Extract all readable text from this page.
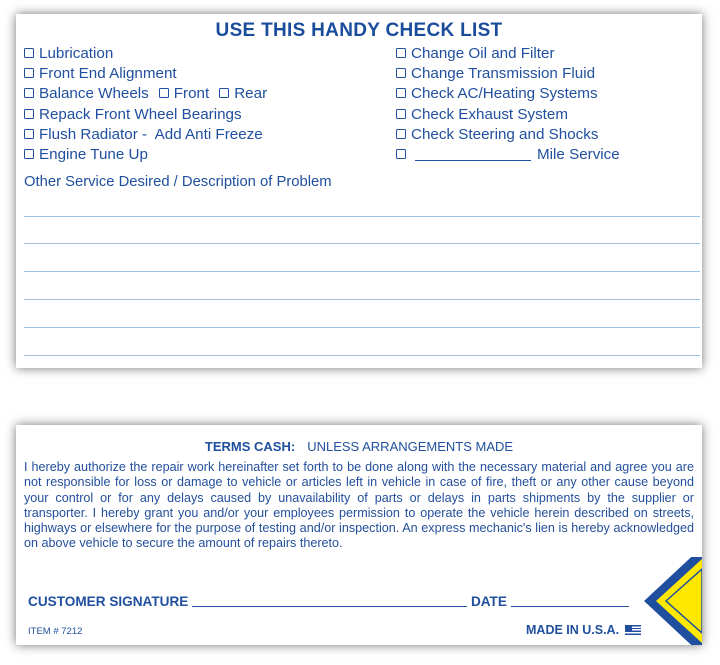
USE THIS HANDY CHECK LIST
Lubrication
Front End Alignment
Balance Wheels Front Rear
Repack Front Wheel Bearings
Flush Radiator -  Add Anti Freeze
Engine Tune Up
Change Oil and Filter
Change Transmission Fluid
Check AC/Heating Systems
Check Exhaust System
Check Steering and Shocks
Mile Service
Other Service Desired / Description of Problem
TERMS CASH: UNLESS ARRANGEMENTS MADE
I hereby authorize the repair work hereinafter set forth to be done along with the necessary material and agree you are not responsible for loss or damage to vehicle or articles left in vehicle in case of fire, theft or any other cause beyond your control or for any delays caused by unavailability of parts or delays in parts shipments by the supplier or transporter. I hereby grant you and/or your employees permission to operate the vehicle herein described on streets, highways or elsewhere for the purpose of testing and/or inspection. An express mechanic's lien is hereby acknowledged on above vehicle to secure the amount of repairs thereto.
CUSTOMER SIGNATURE	DATE
ITEM # 7212	MADE IN U.S.A.
